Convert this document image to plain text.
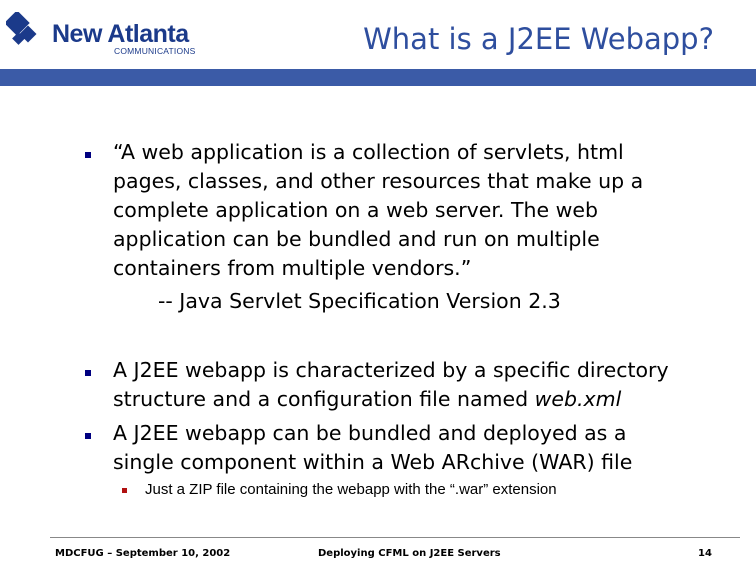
New Atlanta
COMMUNICATIONS	What is a J2EE Webapp?
“A web application is a collection of servlets, html
pages, classes, and other resources that make up a
complete application on a web server. The web
application can be bundled and run on multiple
containers from multiple vendors.”
-- Java Servlet Specification Version 2.3
A J2EE webapp is characterized by a specific directory
structure and a configuration file named web.xml
A J2EE webapp can be bundled and deployed as a
single component within a Web ARchive (WAR) file
Just a ZIP file containing the webapp with the “.war” extension
MDCFUG – September 10, 2002	Deploying CFML on J2EE Servers	14
